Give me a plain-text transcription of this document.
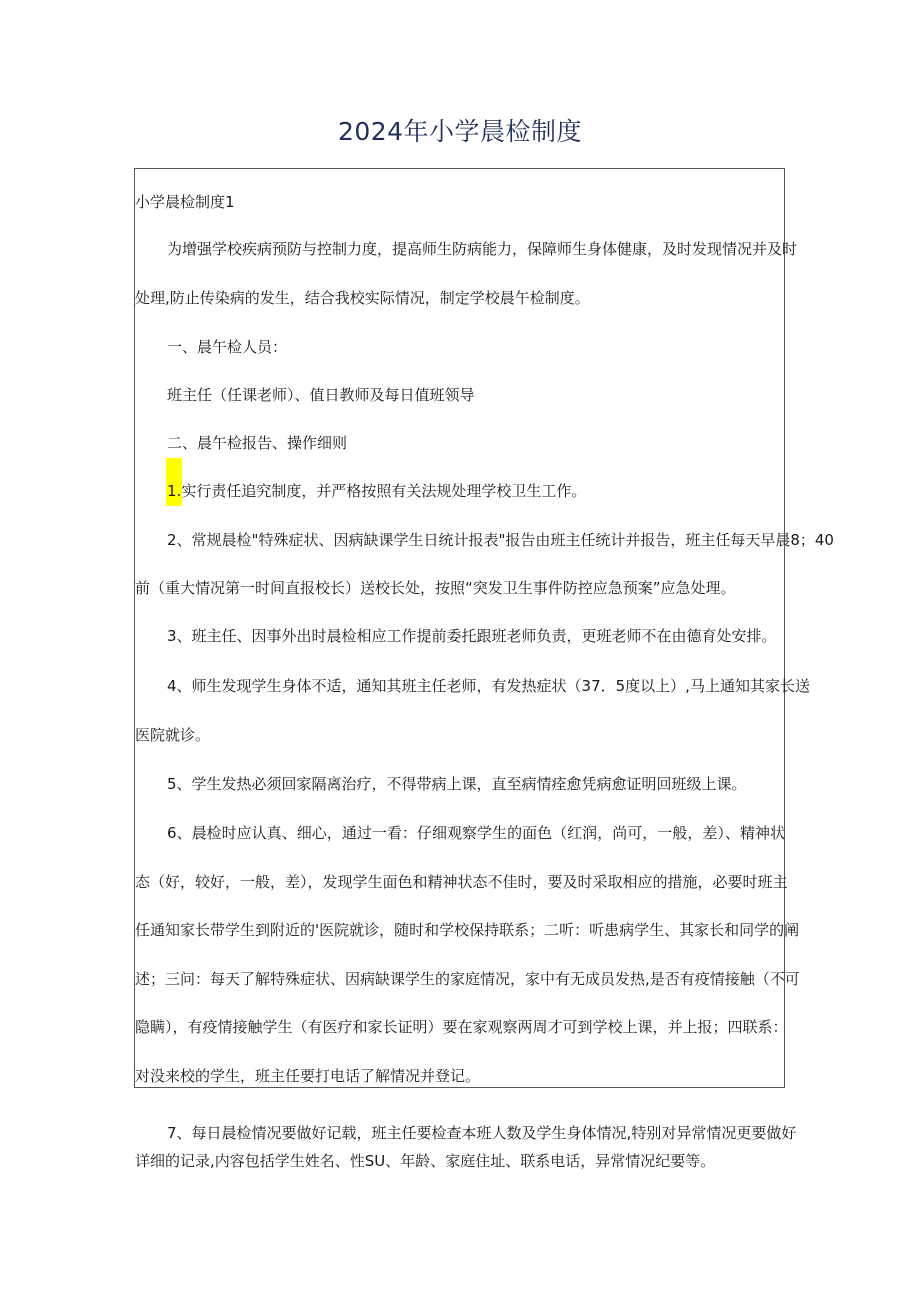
2024年小学晨检制度
小学晨检制度1
为增强学校疾病预防与控制力度，提高师生防病能力，保障师生身体健康，及时发现情况并及时
处理,防止传染病的发生，结合我校实际情况，制定学校晨午检制度。
一、晨午检人员：
班主任（任课老师）、值日教师及每日值班领导
二、晨午检报告、操作细则
1.实行责任追究制度，并严格按照有关法规处理学校卫生工作。
2、常规晨检"特殊症状、因病缺课学生日统计报表"报告由班主任统计并报告，班主任每天早晨8；40
前（重大情况第一时间直报校长）送校长处，按照“突发卫生事件防控应急预案”应急处理。
3、班主任、因事外出时晨检相应工作提前委托跟班老师负责，更班老师不在由德育处安排。
4、师生发现学生身体不适，通知其班主任老师，有发热症状（37．5度以上）,马上通知其家长送
医院就诊。
5、学生发热必须回家隔离治疗，不得带病上课，直至病情痊愈凭病愈证明回班级上课。
6、晨检时应认真、细心，通过一看：仔细观察学生的面色（红润，尚可，一般，差）、精神状
态（好，较好，一般，差），发现学生面色和精神状态不佳时，要及时采取相应的措施，必要时班主
任通知家长带学生到附近的'医院就诊，随时和学校保持联系；二听：听患病学生、其家长和同学的阐
述；三问：每天了解特殊症状、因病缺课学生的家庭情况，家中有无成员发热,是否有疫情接触（不可
隐瞒），有疫情接触学生（有医疗和家长证明）要在家观察两周才可到学校上课，并上报；四联系：
对没来校的学生，班主任要打电话了解情况并登记。
7、每日晨检情况要做好记载，班主任要检查本班人数及学生身体情况,特别对异常情况更要做好
详细的记录,内容包括学生姓名、性SU、年龄、家庭住址、联系电话，异常情况纪要等。
